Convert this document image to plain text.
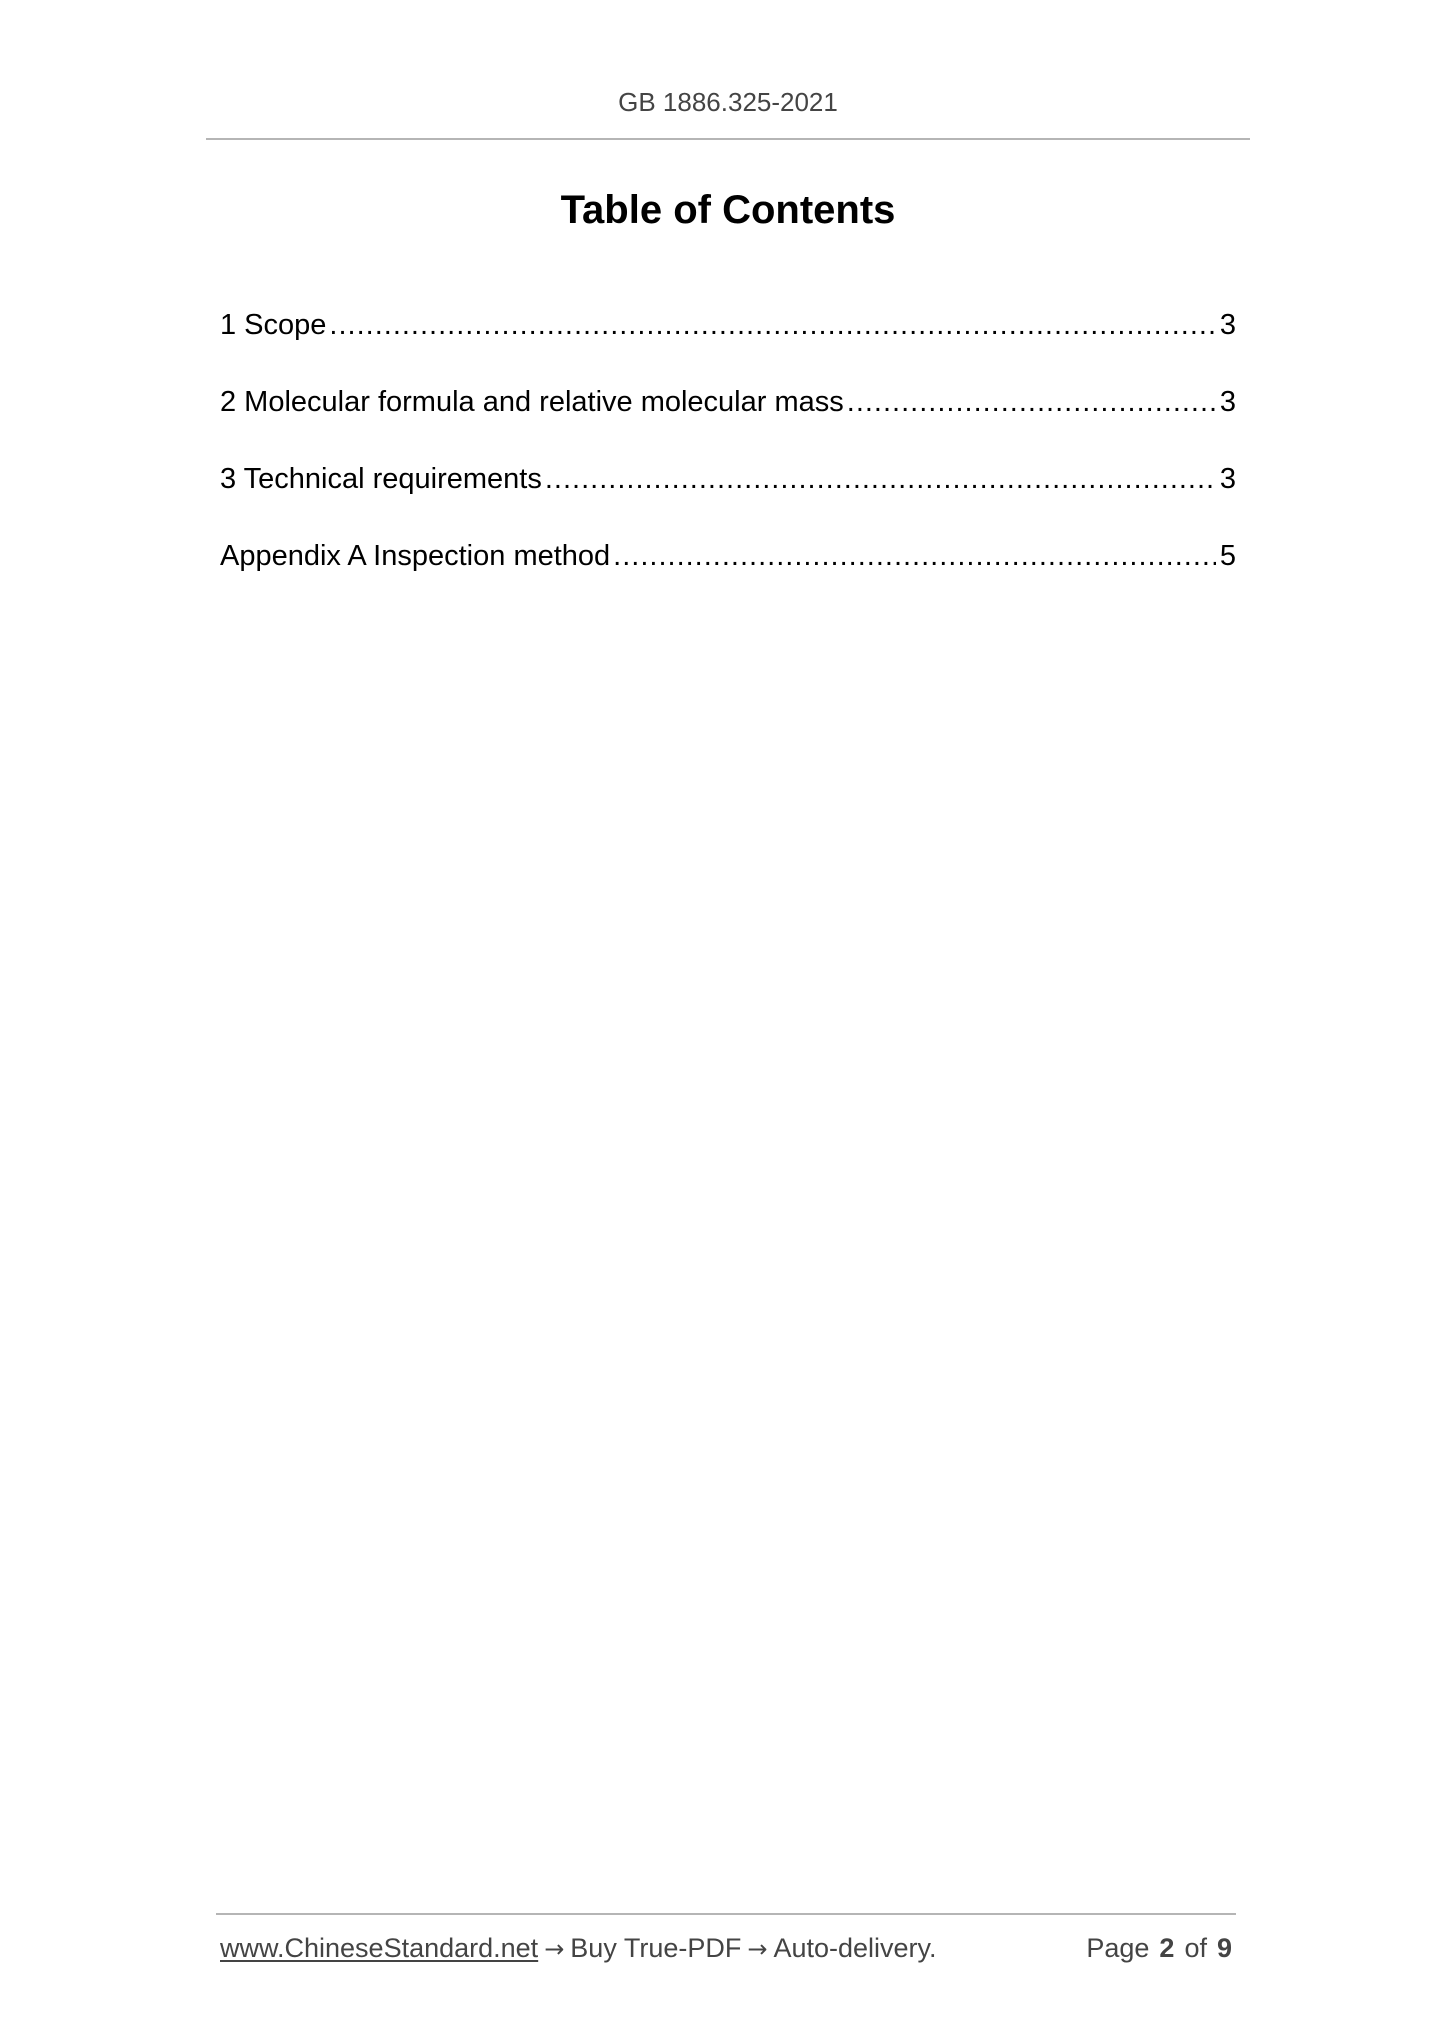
GB 1886.325-2021
Table of Contents
1 Scope .....	3
2 Molecular formula and relative molecular mass .....	3
3 Technical requirements .....	3
Appendix A Inspection method .....	5
www.ChineseStandard.net → Buy True-PDF → Auto-delivery.	Page 2 of 9
